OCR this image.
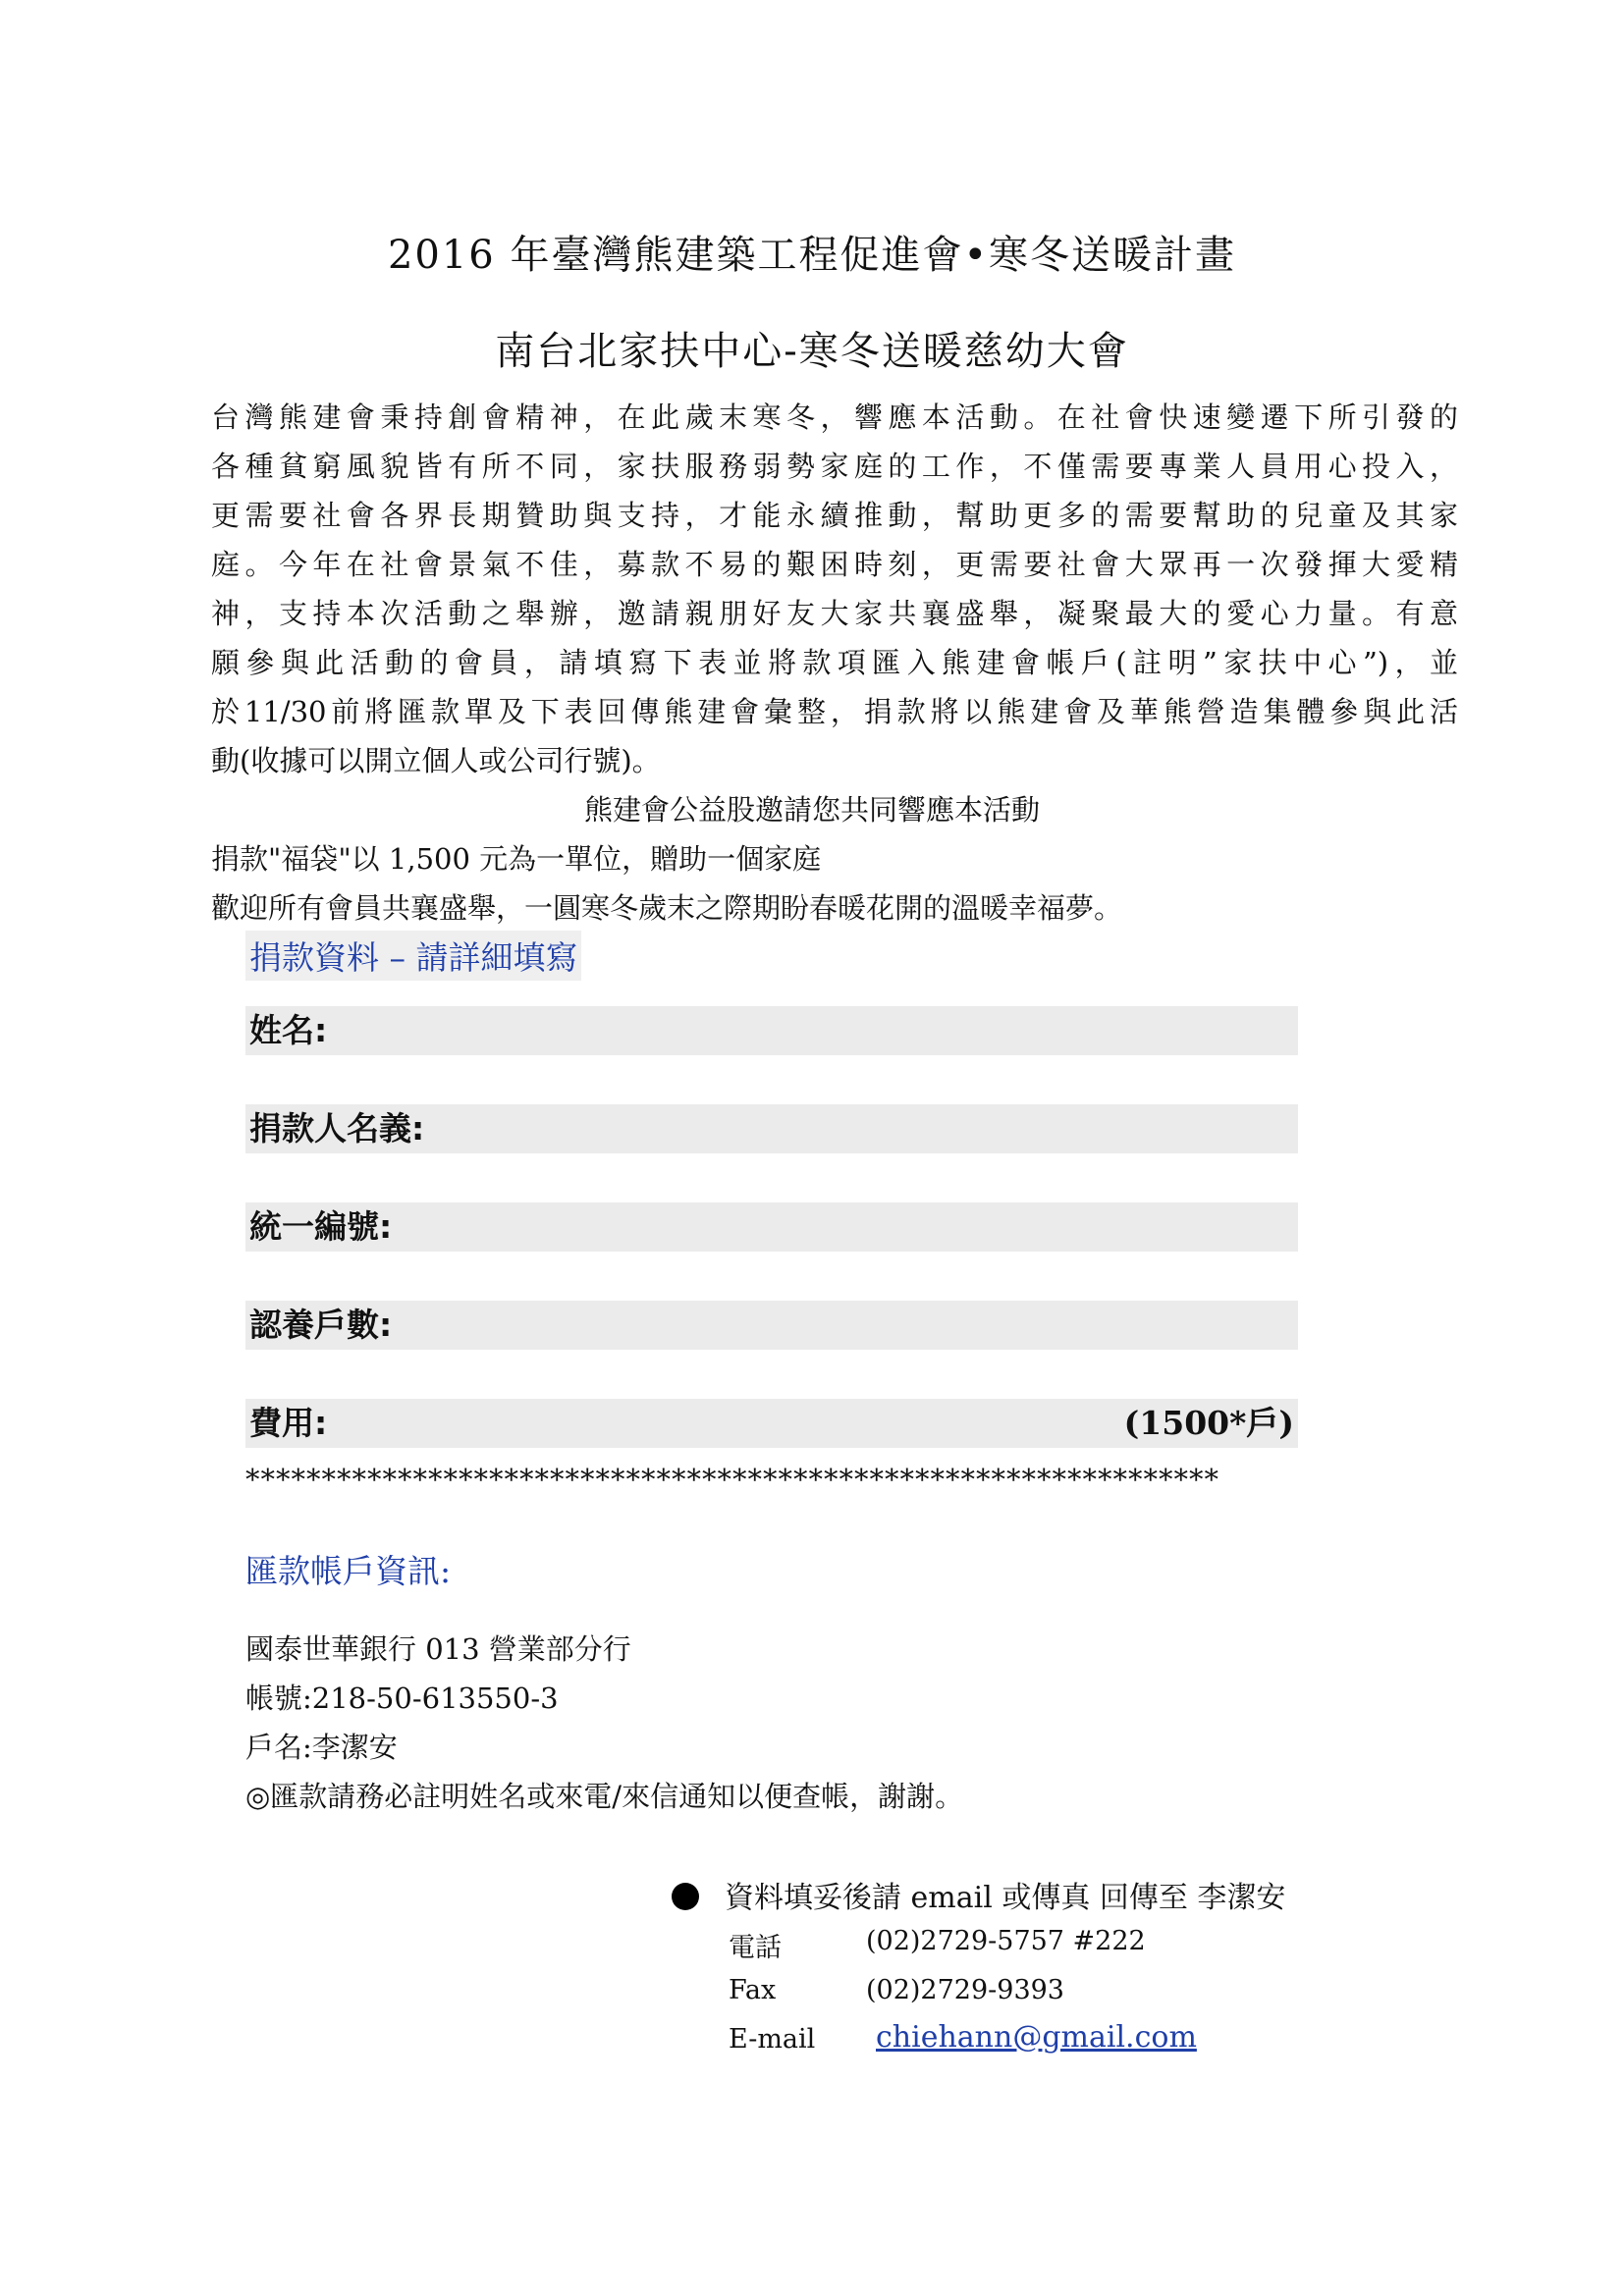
2016 年臺灣熊建築工程促進會•寒冬送暖計畫
南台北家扶中心-寒冬送暖慈幼大會
台灣熊建會秉持創會精神，在此歲末寒冬，響應本活動。在社會快速變遷下所引發的
各種貧窮風貌皆有所不同，家扶服務弱勢家庭的工作，不僅需要專業人員用心投入，
更需要社會各界長期贊助與支持，才能永續推動，幫助更多的需要幫助的兒童及其家
庭。今年在社會景氣不佳，募款不易的艱困時刻，更需要社會大眾再一次發揮大愛精
神，支持本次活動之舉辦，邀請親朋好友大家共襄盛舉，凝聚最大的愛心力量。有意
願參與此活動的會員，請填寫下表並將款項匯入熊建會帳戶(註明”家扶中心”)，並
於11/30前將匯款單及下表回傳熊建會彙整，捐款將以熊建會及華熊營造集體參與此活
動(收據可以開立個人或公司行號)。
熊建會公益股邀請您共同響應本活動
捐款"福袋"以 1,500 元為一單位，贈助一個家庭
歡迎所有會員共襄盛舉，一圓寒冬歲末之際期盼春暖花開的溫暖幸福夢。
捐款資料 – 請詳細填寫
姓名:
捐款人名義:
統一編號:
認養戶數:
費用:	(1500*戶)
****************************************************************
匯款帳戶資訊:
國泰世華銀行 013 營業部分行
帳號:218-50-613550-3
戶名:李潔安
◎匯款請務必註明姓名或來電/來信通知以便查帳，謝謝。
資料填妥後請 email 或傳真 回傳至 李潔安
電話	(02)2729-5757 #222
Fax	(02)2729-9393
E-mail chiehann@gmail.com
